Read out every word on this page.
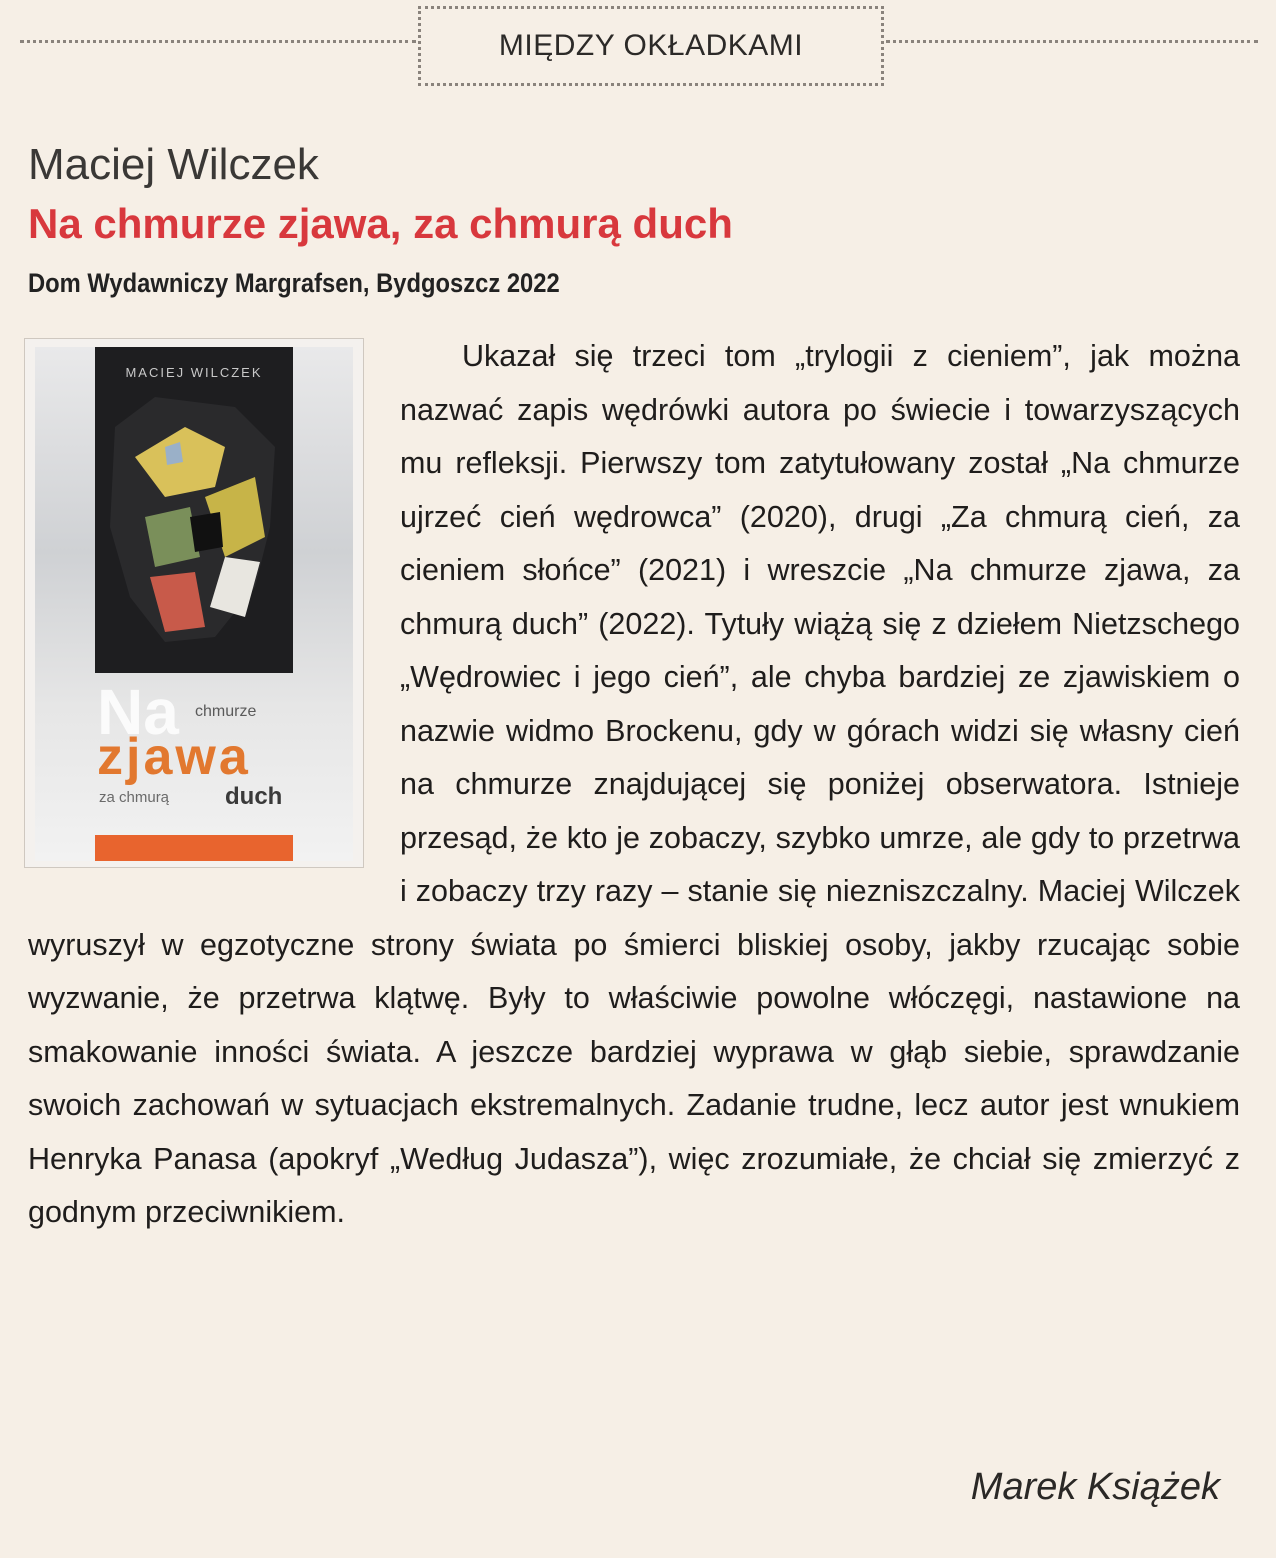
MIĘDZY OKŁADKAMI
Maciej Wilczek
Na chmurze zjawa, za chmurą duch
Dom Wydawniczy Margrafsen, Bydgoszcz 2022
MACIEJ WILCZEK
Na chmurze
zjawa
za chmurą duch
Ukazał się trzeci tom „trylogii z cieniem”, jak można nazwać zapis wędrówki autora po świecie i towarzyszących mu refleksji. Pierwszy tom zatytułowany został „Na chmurze ujrzeć cień wędrowca” (2020), drugi „Za chmurą cień, za cieniem słońce” (2021) i wreszcie „Na chmurze zjawa, za chmurą duch” (2022). Tytuły wiążą się z dziełem Nietzschego „Wędrowiec i jego cień”, ale chyba bardziej ze zjawiskiem o nazwie widmo Brockenu, gdy w górach widzi się własny cień na chmurze znajdującej się poniżej obserwatora. Istnieje przesąd, że kto je zobaczy, szybko umrze, ale gdy to przetrwa i zobaczy trzy razy – stanie się niezniszczalny. Maciej Wilczek wyruszył w egzotyczne strony świata po śmierci bliskiej osoby, jakby rzucając sobie wyzwanie, że przetrwa klątwę. Były to właściwie powolne włóczęgi, nastawione na smakowanie inności świata. A jeszcze bardziej wyprawa w głąb siebie, sprawdzanie swoich zachowań w sytuacjach ekstremalnych. Zadanie trudne, lecz autor jest wnukiem Henryka Panasa (apokryf „Według Judasza”), więc zrozumiałe, że chciał się zmierzyć z godnym przeciwnikiem.
Marek Książek
